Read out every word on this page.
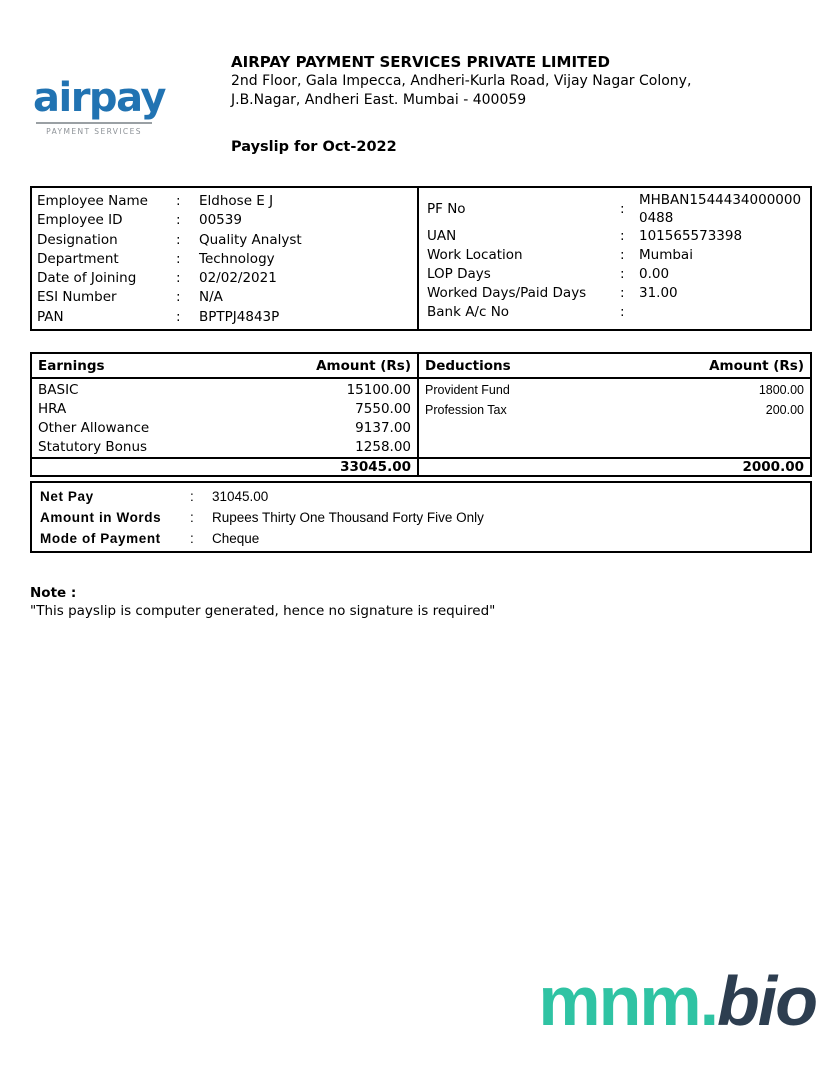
airpay
PAYMENT SERVICES
AIRPAY PAYMENT SERVICES PRIVATE LIMITED
2nd Floor, Gala Impecca, Andheri-Kurla Road, Vijay Nagar Colony,
J.B.Nagar, Andheri East. Mumbai - 400059
Payslip for Oct-2022
Employee Name	:	Eldhose E J
Employee ID	:	00539
Designation	:	Quality Analyst
Department	:	Technology
Date of Joining	:	02/02/2021
ESI Number	:	N/A
PAN	:	BPTPJ4843P
PF No	:
MHBAN15444340000000488
UAN	:	101565573398
Work Location	:	Mumbai
LOP Days	:	0.00
Worked Days/Paid Days	:	31.00
Bank A/c No	:
Earnings	Amount (Rs)
BASIC	15100.00
HRA	7550.00
Other Allowance	9137.00
Statutory Bonus	1258.00
33045.00
Deductions	Amount (Rs)
Provident Fund	1800.00
Profession Tax	200.00
2000.00
Net Pay	:	31045.00
Amount in Words	:	Rupees Thirty One Thousand Forty Five Only
Mode of Payment	:	Cheque
Note :
"This payslip is computer generated, hence no signature is required"
mnm.bio
